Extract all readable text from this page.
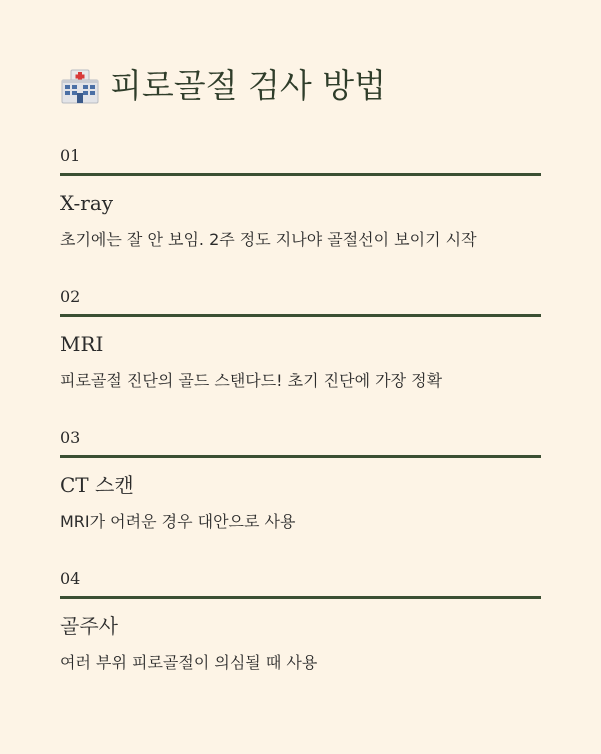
피로골절 검사 방법
01
X-ray
초기에는 잘 안 보임. 2주 정도 지나야 골절선이 보이기 시작
02
MRI
피로골절 진단의 골드 스탠다드! 초기 진단에 가장 정확
03
CT 스캔
MRI가 어려운 경우 대안으로 사용
04
골주사
여러 부위 피로골절이 의심될 때 사용
